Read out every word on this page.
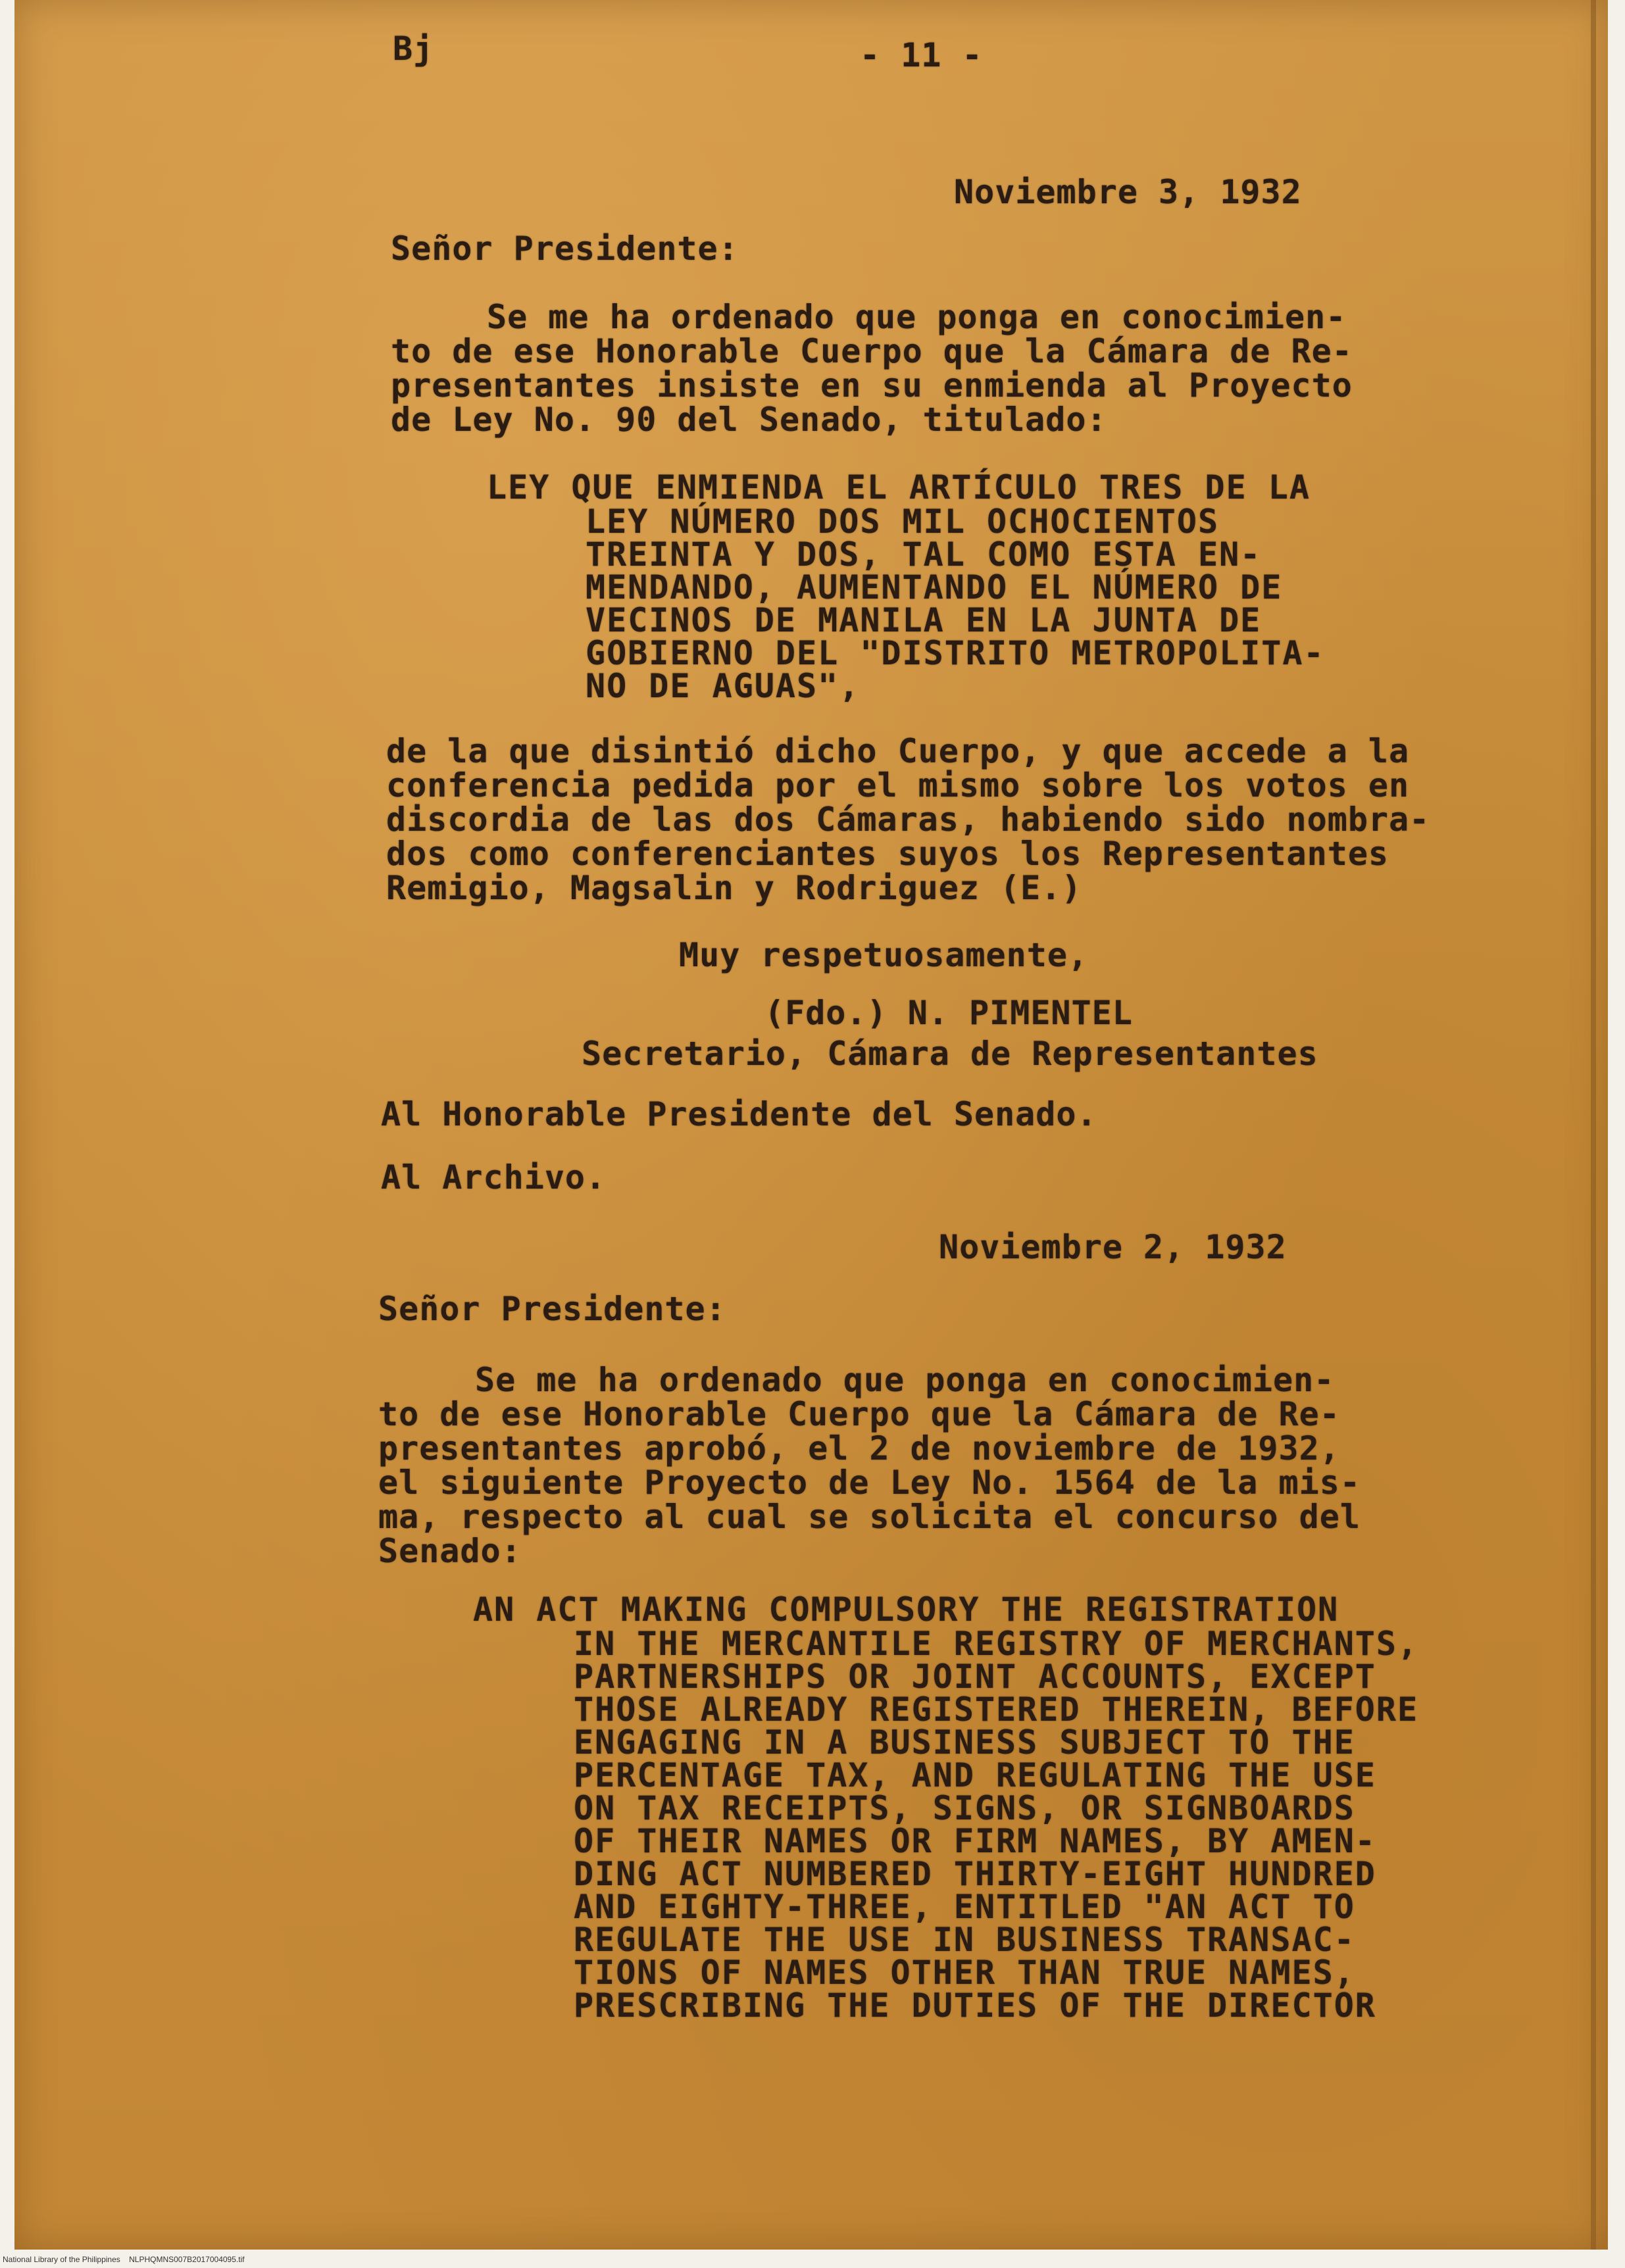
Bj	- 11 -
Noviembre 3, 1932
Señor Presidente:
Se me ha ordenado que ponga en conocimien-
to de ese Honorable Cuerpo que la Cámara de Re-
presentantes insiste en su enmienda al Proyecto
de Ley No. 90 del Senado, titulado:
LEY QUE ENMIENDA EL ARTÍCULO TRES DE LA
LEY NÚMERO DOS MIL OCHOCIENTOS
TREINTA Y DOS, TAL COMO ESTA EN-
MENDANDO, AUMENTANDO EL NÚMERO DE
VECINOS DE MANILA EN LA JUNTA DE
GOBIERNO DEL "DISTRITO METROPOLITA-
NO DE AGUAS",
de la que disintió dicho Cuerpo, y que accede a la
conferencia pedida por el mismo sobre los votos en
discordia de las dos Cámaras, habiendo sido nombra-
dos como conferenciantes suyos los Representantes
Remigio, Magsalin y Rodriguez (E.)
Muy respetuosamente,
(Fdo.) N. PIMENTEL
Secretario, Cámara de Representantes
Al Honorable Presidente del Senado.
Al Archivo.
Noviembre 2, 1932
Señor Presidente:
Se me ha ordenado que ponga en conocimien-
to de ese Honorable Cuerpo que la Cámara de Re-
presentantes aprobó, el 2 de noviembre de 1932,
el siguiente Proyecto de Ley No. 1564 de la mis-
ma, respecto al cual se solicita el concurso del
Senado:
AN ACT MAKING COMPULSORY THE REGISTRATION
IN THE MERCANTILE REGISTRY OF MERCHANTS,
PARTNERSHIPS OR JOINT ACCOUNTS, EXCEPT
THOSE ALREADY REGISTERED THEREIN, BEFORE
ENGAGING IN A BUSINESS SUBJECT TO THE
PERCENTAGE TAX, AND REGULATING THE USE
ON TAX RECEIPTS, SIGNS, OR SIGNBOARDS
OF THEIR NAMES OR FIRM NAMES, BY AMEN-
DING ACT NUMBERED THIRTY-EIGHT HUNDRED
AND EIGHTY-THREE, ENTITLED "AN ACT TO
REGULATE THE USE IN BUSINESS TRANSAC-
TIONS OF NAMES OTHER THAN TRUE NAMES,
PRESCRIBING THE DUTIES OF THE DIRECTOR
National Library of the Philippines NLPHQMNS007B2017004095.tif
